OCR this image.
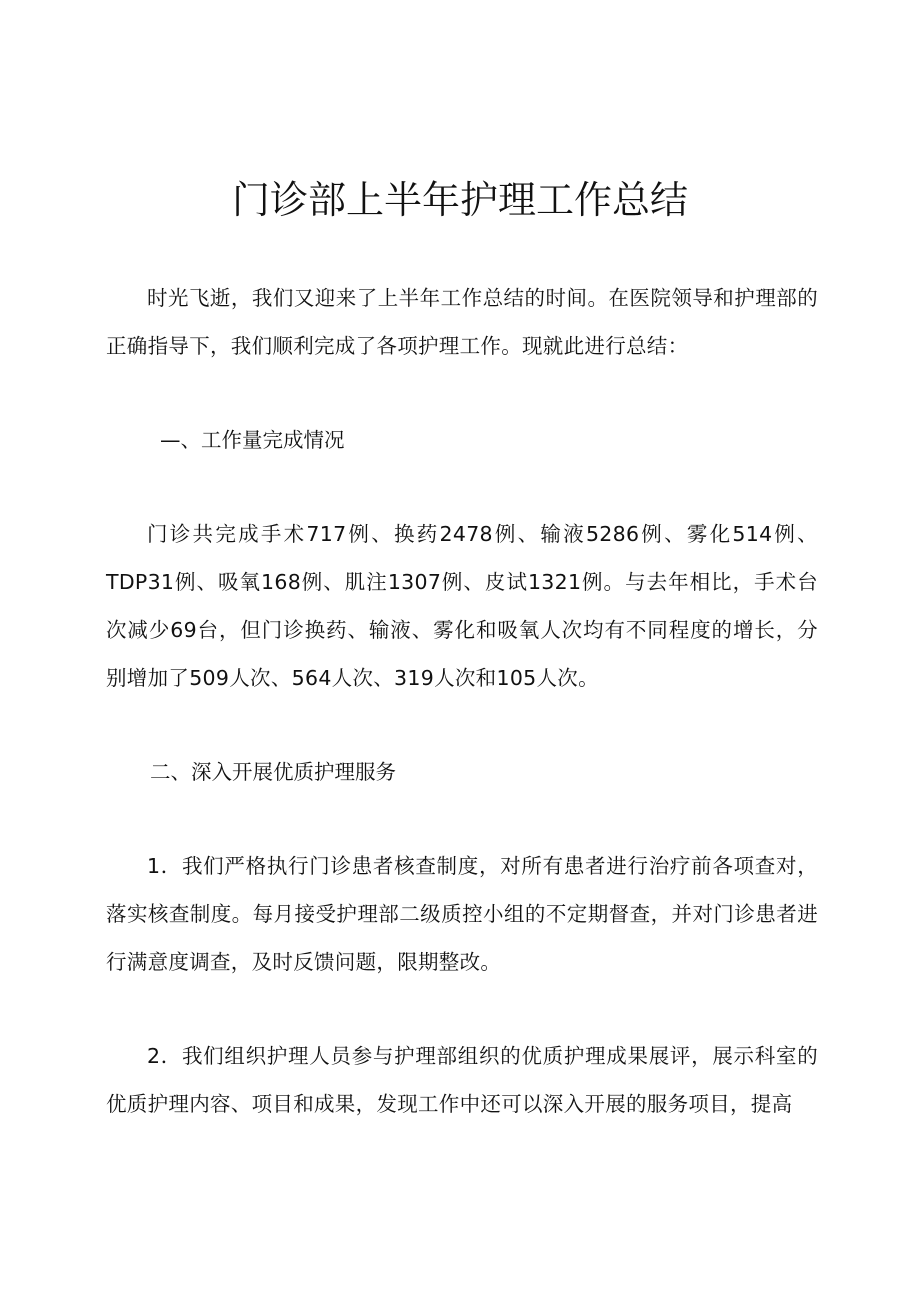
门诊部上半年护理工作总结

时光飞逝，我们又迎来了上半年工作总结的时间。在医院领导和护理部的正确指导下，我们顺利完成了各项护理工作。现就此进行总结：

—、工作量完成情况

门诊共完成手术717例、换药2478例、输液5286例、雾化514例、TDP31例、吸氧168例、肌注1307例、皮试1321例。与去年相比，手术台次减少69台，但门诊换药、输液、雾化和吸氧人次均有不同程度的增长，分别增加了509人次、564人次、319人次和105人次。

二、深入开展优质护理服务

1．我们严格执行门诊患者核查制度，对所有患者进行治疗前各项查对，落实核查制度。每月接受护理部二级质控小组的不定期督查，并对门诊患者进行满意度调查，及时反馈问题，限期整改。

2．我们组织护理人员参与护理部组织的优质护理成果展评，展示科室的优质护理内容、项目和成果，发现工作中还可以深入开展的服务项目，提高
